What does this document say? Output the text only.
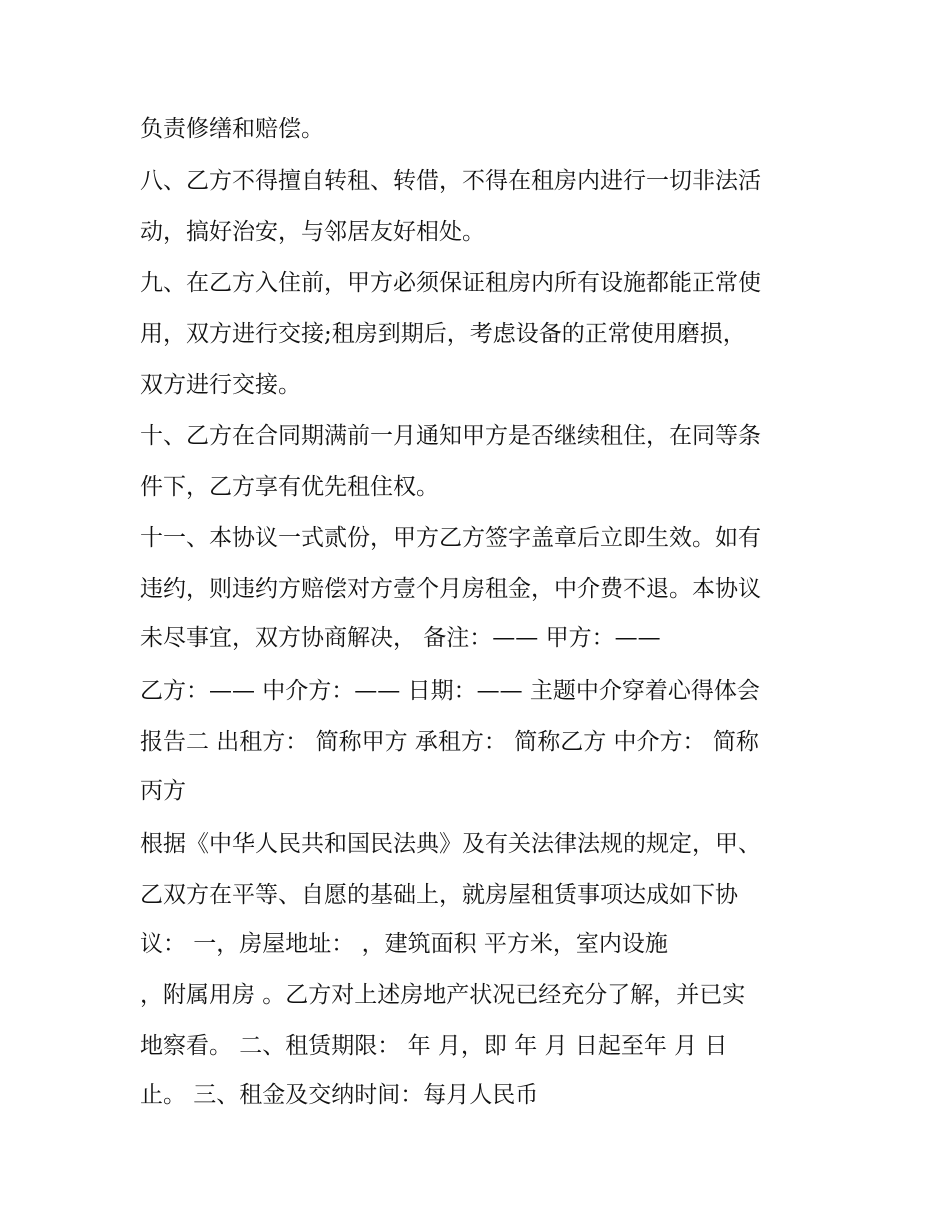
负责修缮和赔偿。
八、乙方不得擅自转租、转借，不得在租房内进行一切非法活
动，搞好治安，与邻居友好相处。
九、在乙方入住前，甲方必须保证租房内所有设施都能正常使
用，双方进行交接;租房到期后，考虑设备的正常使用磨损，
双方进行交接。
十、乙方在合同期满前一月通知甲方是否继续租住，在同等条
件下，乙方享有优先租住权。
十一、本协议一式贰份，甲方乙方签字盖章后立即生效。如有
违约，则违约方赔偿对方壹个月房租金，中介费不退。本协议
未尽事宜，双方协商解决， 备注：—— 甲方：——
乙方：—— 中介方：—— 日期：—— 主题中介穿着心得体会
报告二 出租方： 简称甲方 承租方： 简称乙方 中介方： 简称
丙方
根据《中华人民共和国民法典》及有关法律法规的规定，甲、
乙双方在平等、自愿的基础上，就房屋租赁事项达成如下协
议： 一，房屋地址： ，建筑面积 平方米，室内设施
，附属用房 。乙方对上述房地产状况已经充分了解，并已实
地察看。 二、租赁期限： 年 月，即 年 月 日起至年 月 日
止。 三、租金及交纳时间：每月人民币
